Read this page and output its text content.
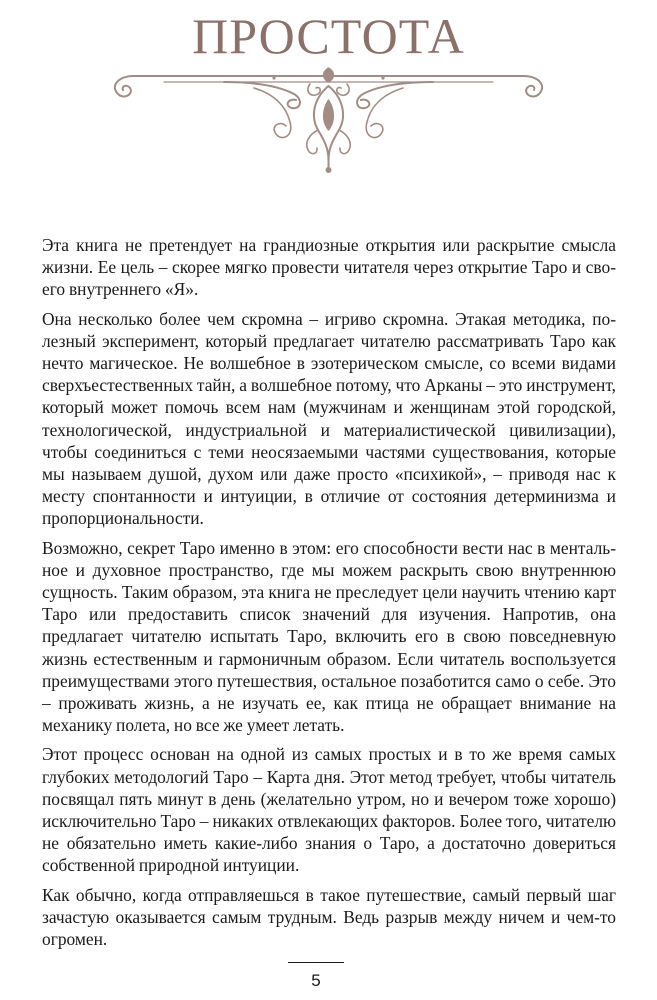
ПРОСТОТА

Эта книга не претендует на грандиозные открытия или раскрытие смысла жизни. Ее цель – скорее мягко провести читателя через открытие Таро и своего внутреннего «Я».

Она несколько более чем скромна – игриво скромна. Этакая методика, полезный эксперимент, который предлагает читателю рассматривать Таро как нечто магическое. Не волшебное в эзотерическом смысле, со всеми видами сверхъестественных тайн, а волшебное потому, что Арканы – это инструмент, который может помочь всем нам (мужчинам и женщинам этой городской, технологической, индустриальной и материалистической цивилизации), чтобы соединиться с теми неосязаемыми частями существования, которые мы называем душой, духом или даже просто «психикой», – приводя нас к месту спонтанности и интуиции, в отличие от состояния детерминизма и пропорциональности.

Возможно, секрет Таро именно в этом: его способности вести нас в ментальное и духовное пространство, где мы можем раскрыть свою внутреннюю сущность. Таким образом, эта книга не преследует цели научить чтению карт Таро или предоставить список значений для изучения. Напротив, она предлагает читателю испытать Таро, включить его в свою повседневную жизнь естественным и гармоничным образом. Если читатель воспользуется преимуществами этого путешествия, остальное позаботится само о себе. Это – проживать жизнь, а не изучать ее, как птица не обращает внимание на механику полета, но все же умеет летать.

Этот процесс основан на одной из самых простых и в то же время самых глубоких методологий Таро – Карта дня. Этот метод требует, чтобы читатель посвящал пять минут в день (желательно утром, но и вечером тоже хорошо) исключительно Таро – никаких отвлекающих факторов. Более того, читателю не обязательно иметь какие-либо знания о Таро, а достаточно довериться собственной природной интуиции.

Как обычно, когда отправляешься в такое путешествие, самый первый шаг зачастую оказывается самым трудным. Ведь разрыв между ничем и чем-то огромен.

5
